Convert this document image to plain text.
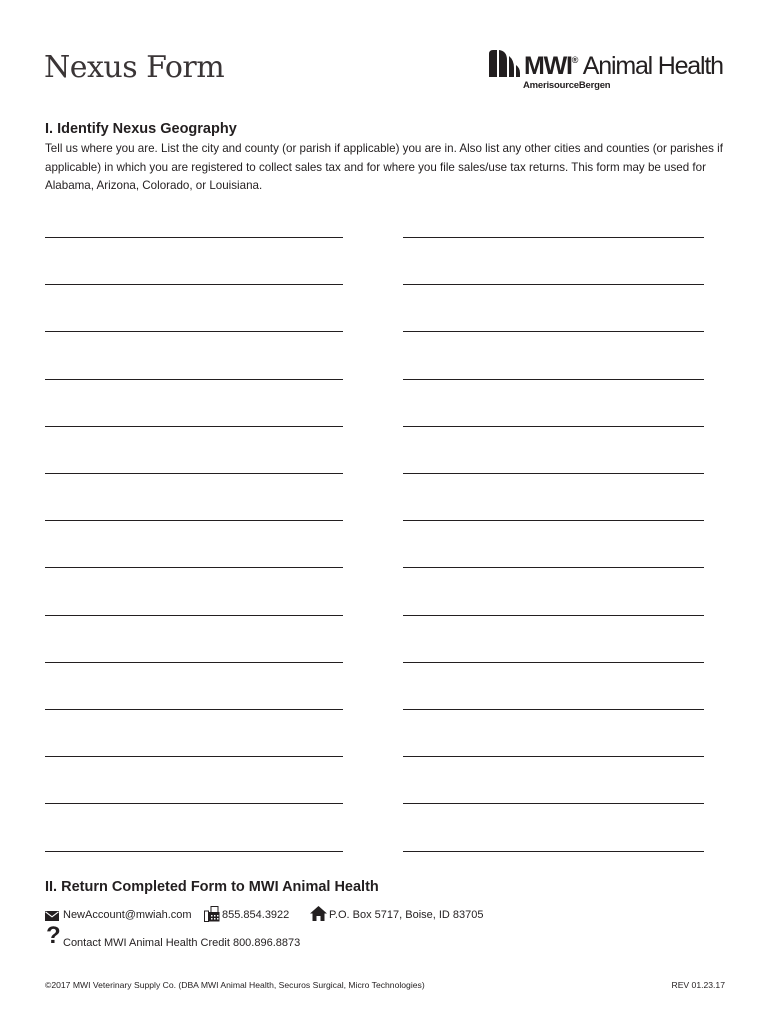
Nexus Form	MWI® Animal Health
AmerisourceBergen
I. Identify Nexus Geography
Tell us where you are. List the city and county (or parish if applicable) you are in. Also list any other cities and counties (or parishes if applicable) in which you are registered to collect sales tax and for where you file sales/use tax returns. This form may be used for Alabama, Arizona, Colorado, or Louisiana.
II. Return Completed Form to MWI Animal Health
NewAccount@mwiah.com	855.854.3922	P.O. Box 5717, Boise, ID 83705
? Contact MWI Animal Health Credit 800.896.8873
©2017 MWI Veterinary Supply Co. (DBA MWI Animal Health, Securos Surgical, Micro Technologies)	REV 01.23.17
